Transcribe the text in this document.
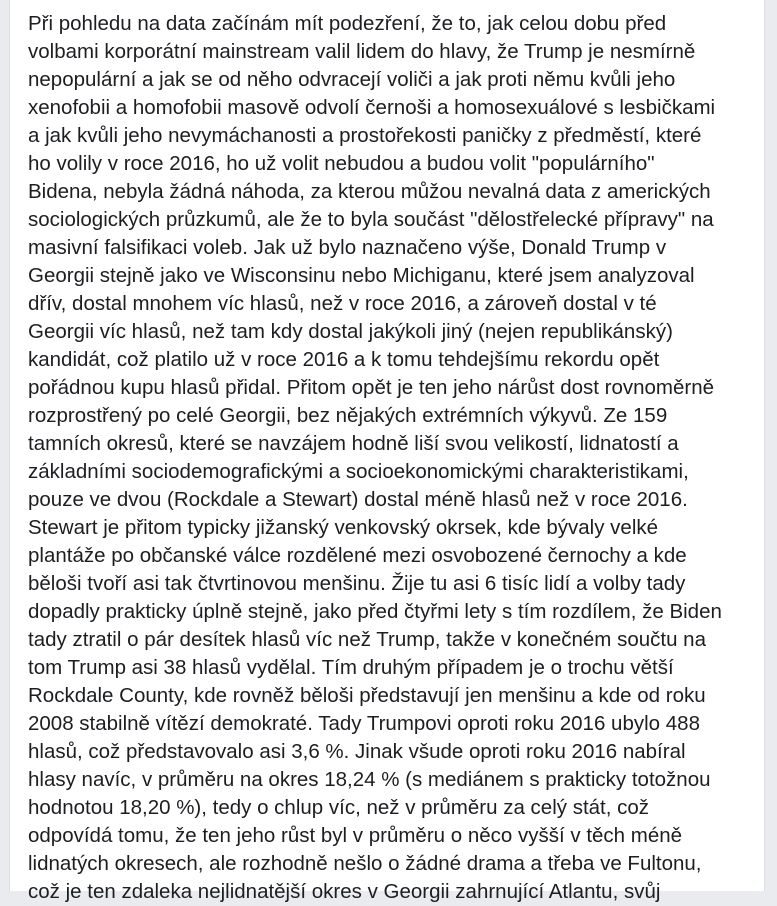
Při pohledu na data začínám mít podezření, že to, jak celou dobu před
volbami korporátní mainstream valil lidem do hlavy, že Trump je nesmírně
nepopulární a jak se od něho odvracejí voliči a jak proti němu kvůli jeho
xenofobii a homofobii masově odvolí černoši a homosexuálové s lesbičkami
a jak kvůli jeho nevymáchanosti a prostořekosti paničky z předměstí, které
ho volily v roce 2016, ho už volit nebudou a budou volit "populárního"
Bidena, nebyla žádná náhoda, za kterou můžou nevalná data z amerických
sociologických průzkumů, ale že to byla součást "dělostřelecké přípravy" na
masivní falsifikaci voleb. Jak už bylo naznačeno výše, Donald Trump v
Georgii stejně jako ve Wisconsinu nebo Michiganu, které jsem analyzoval
dřív, dostal mnohem víc hlasů, než v roce 2016, a zároveň dostal v té
Georgii víc hlasů, než tam kdy dostal jakýkoli jiný (nejen republikánský)
kandidát, což platilo už v roce 2016 a k tomu tehdejšímu rekordu opět
pořádnou kupu hlasů přidal. Přitom opět je ten jeho nárůst dost rovnoměrně
rozprostřený po celé Georgii, bez nějakých extrémních výkyvů. Ze 159
tamních okresů, které se navzájem hodně liší svou velikostí, lidnatostí a
základními sociodemografickými a socioekonomickými charakteristikami,
pouze ve dvou (Rockdale a Stewart) dostal méně hlasů než v roce 2016.
Stewart je přitom typicky jižanský venkovský okrsek, kde bývaly velké
plantáže po občanské válce rozdělené mezi osvobozené černochy a kde
běloši tvoří asi tak čtvrtinovou menšinu. Žije tu asi 6 tisíc lidí a volby tady
dopadly prakticky úplně stejně, jako před čtyřmi lety s tím rozdílem, že Biden
tady ztratil o pár desítek hlasů víc než Trump, takže v konečném součtu na
tom Trump asi 38 hlasů vydělal. Tím druhým případem je o trochu větší
Rockdale County, kde rovněž běloši představují jen menšinu a kde od roku
2008 stabilně vítězí demokraté. Tady Trumpovi oproti roku 2016 ubylo 488
hlasů, což představovalo asi 3,6 %. Jinak všude oproti roku 2016 nabíral
hlasy navíc, v průměru na okres 18,24 % (s mediánem s prakticky totožnou
hodnotou 18,20 %), tedy o chlup víc, než v průměru za celý stát, což
odpovídá tomu, že ten jeho růst byl v průměru o něco vyšší v těch méně
lidnatých okresech, ale rozhodně nešlo o žádné drama a třeba ve Fultonu,
což je ten zdaleka nejlidnatější okres v Georgii zahrnující Atlantu, svůj
